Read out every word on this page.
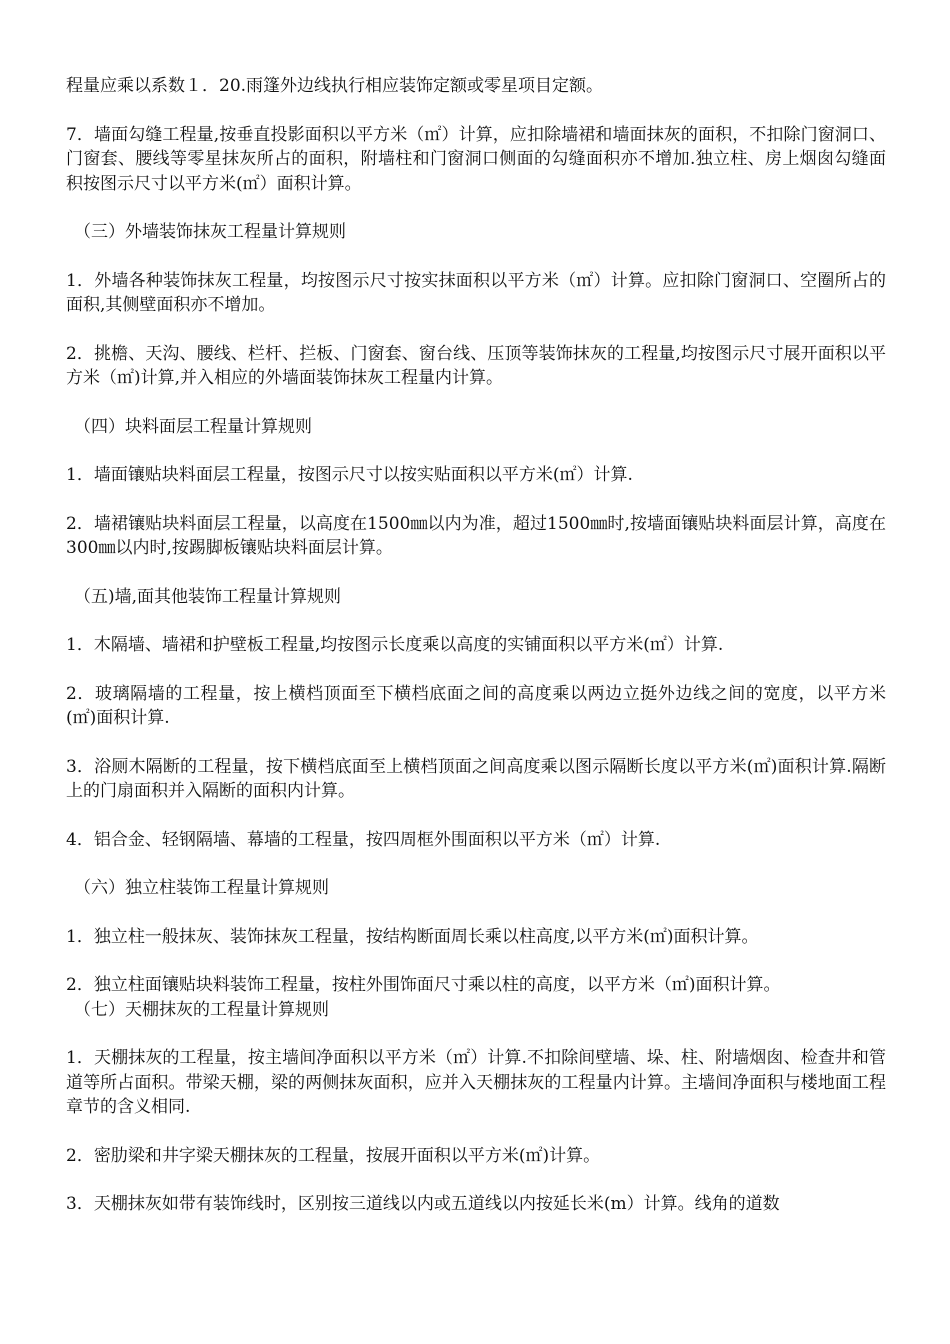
程量应乘以系数１．20.雨篷外边线执行相应装饰定额或零星项目定额。

7．墙面勾缝工程量,按垂直投影面积以平方米（㎡）计算，应扣除墙裙和墙面抹灰的面积，不扣除门窗洞口、门窗套、腰线等零星抹灰所占的面积，附墙柱和门窗洞口侧面的勾缝面积亦不增加.独立柱、房上烟囱勾缝面积按图示尺寸以平方米(㎡）面积计算。

（三）外墙装饰抹灰工程量计算规则

1．外墙各种装饰抹灰工程量，均按图示尺寸按实抹面积以平方米（㎡）计算。应扣除门窗洞口、空圈所占的面积,其侧壁面积亦不增加。

2．挑檐、天沟、腰线、栏杆、拦板、门窗套、窗台线、压顶等装饰抹灰的工程量,均按图示尺寸展开面积以平方米（㎡)计算,并入相应的外墙面装饰抹灰工程量内计算。

（四）块料面层工程量计算规则

1．墙面镶贴块料面层工程量，按图示尺寸以按实贴面积以平方米(㎡）计算.

2．墙裙镶贴块料面层工程量，以高度在1500㎜以内为准，超过1500㎜时,按墙面镶贴块料面层计算，高度在300㎜以内时,按踢脚板镶贴块料面层计算。

（五)墙,面其他装饰工程量计算规则

1．木隔墙、墙裙和护壁板工程量,均按图示长度乘以高度的实铺面积以平方米(㎡）计算.

2．玻璃隔墙的工程量，按上横档顶面至下横档底面之间的高度乘以两边立挺外边线之间的宽度，以平方米(㎡)面积计算.

3．浴厕木隔断的工程量，按下横档底面至上横档顶面之间高度乘以图示隔断长度以平方米(㎡)面积计算.隔断上的门扇面积并入隔断的面积内计算。

4．铝合金、轻钢隔墙、幕墙的工程量，按四周框外围面积以平方米（㎡）计算.

（六）独立柱装饰工程量计算规则

1．独立柱一般抹灰、装饰抹灰工程量，按结构断面周长乘以柱高度,以平方米(㎡)面积计算。

2．独立柱面镶贴块料装饰工程量，按柱外围饰面尺寸乘以柱的高度，以平方米（㎡)面积计算。

（七）天棚抹灰的工程量计算规则

1．天棚抹灰的工程量，按主墙间净面积以平方米（㎡）计算.不扣除间壁墙、垛、柱、附墙烟囱、检查井和管道等所占面积。带梁天棚，梁的两侧抹灰面积，应并入天棚抹灰的工程量内计算。主墙间净面积与楼地面工程章节的含义相同.

2．密肋梁和井字梁天棚抹灰的工程量，按展开面积以平方米(㎡)计算。

3．天棚抹灰如带有装饰线时，区别按三道线以内或五道线以内按延长米(m）计算。线角的道数
